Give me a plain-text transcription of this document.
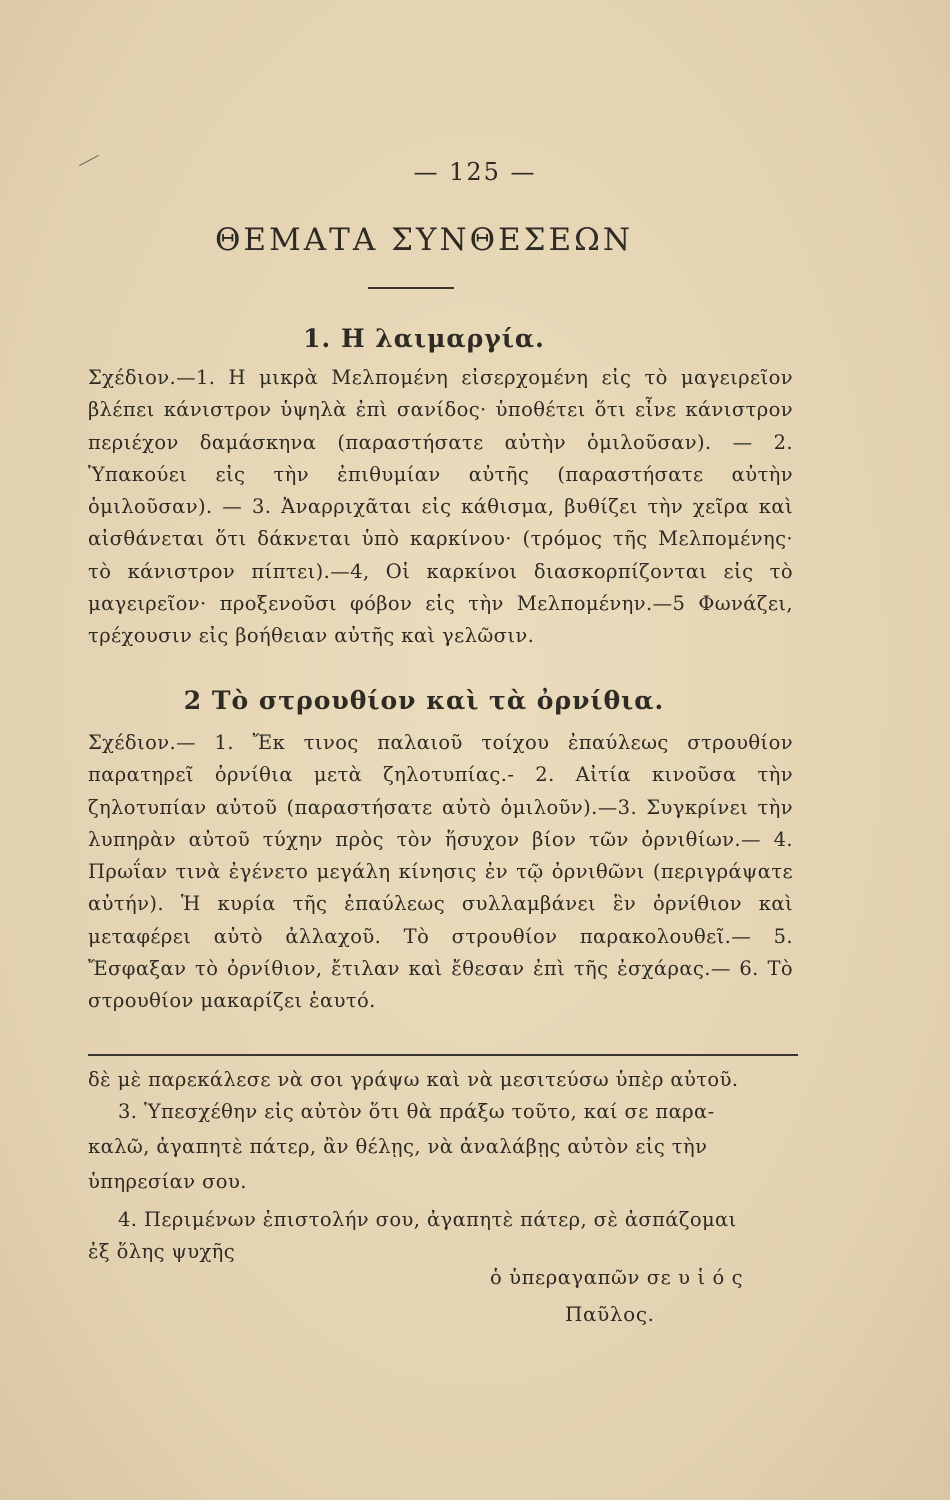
— 125 —
ΘΕΜΑΤΑ ΣΥΝΘΕΣΕΩΝ
1. Η λαιμαργία.

Σχέδιον.—1. Η μικρὰ Μελπομένη εἰσερχομένη εἰς τὸ μαγειρεῖον βλέπει κάνιστρον ὑψηλὰ ἐπὶ σανίδος· ὑποθέτει ὅτι εἶνε κάνιστρον περιέχον δαμάσκηνα (παραστήσατε αὐτὴν ὁμιλοῦσαν). — 2. Ὑπακούει εἰς τὴν ἐπιθυμίαν αὐτῆς (παραστήσατε αὐτὴν ὁμιλοῦσαν). — 3. Ἀναρριχᾶται εἰς κάθισμα, βυθίζει τὴν χεῖρα καὶ αἰσθάνεται ὅτι δάκνεται ὑπὸ καρκίνου· (τρόμος τῆς Μελπομένης· τὸ κάνιστρον πίπτει).—4, Οἱ καρκίνοι διασκορπίζονται εἰς τὸ μαγειρεῖον· προξενοῦσι φόβον εἰς τὴν Μελπομένην.—5 Φωνάζει, τρέχουσιν εἰς βοήθειαν αὐτῆς καὶ γελῶσιν.

2 Τὸ στρουθίον καὶ τὰ ὀρνίθια.

Σχέδιον.— 1. Ἔκ τινος παλαιοῦ τοίχου ἐπαύλεως στρουθίον παρατηρεῖ ὀρνίθια μετὰ ζηλοτυπίας.- 2. Αἰτία κινοῦσα τὴν ζηλοτυπίαν αὐτοῦ (παραστήσατε αὐτὸ ὁμιλοῦν).—3. Συγκρίνει τὴν λυπηρὰν αὐτοῦ τύχην πρὸς τὸν ἥσυχον βίον τῶν ὀρνιθίων.— 4. Πρωΐαν τινὰ ἐγένετο μεγάλη κίνησις ἐν τῷ ὀρνιθῶνι (περιγράψατε αὐτήν). Ἡ κυρία τῆς ἐπαύλεως συλλαμβάνει ἓν ὀρνίθιον καὶ μεταφέρει αὐτὸ ἀλλαχοῦ. Τὸ στρουθίον παρακολουθεῖ.— 5. Ἔσφαξαν τὸ ὀρνίθιον, ἔτιλαν καὶ ἔθεσαν ἐπὶ τῆς ἐσχάρας.— 6. Τὸ στρουθίον μακαρίζει ἑαυτό.

δὲ μὲ παρεκάλεσε νὰ σοι γράψω καὶ νὰ μεσιτεύσω ὑπὲρ αὐτοῦ.
3. Ὑπεσχέθην εἰς αὐτὸν ὅτι θὰ πράξω τοῦτο, καί σε παρα-
καλῶ, ἀγαπητὲ πάτερ, ἂν θέλῃς, νὰ ἀναλάβῃς αὐτὸν εἰς τὴν
ὑπηρεσίαν σου.
4. Περιμένων ἐπιστολήν σου, ἀγαπητὲ πάτερ, σὲ ἀσπάζομαι
ἐξ ὅλης ψυχῆς
ὁ ὑπεραγαπῶν σε υ ἱ ό ς
Παῦλος.
